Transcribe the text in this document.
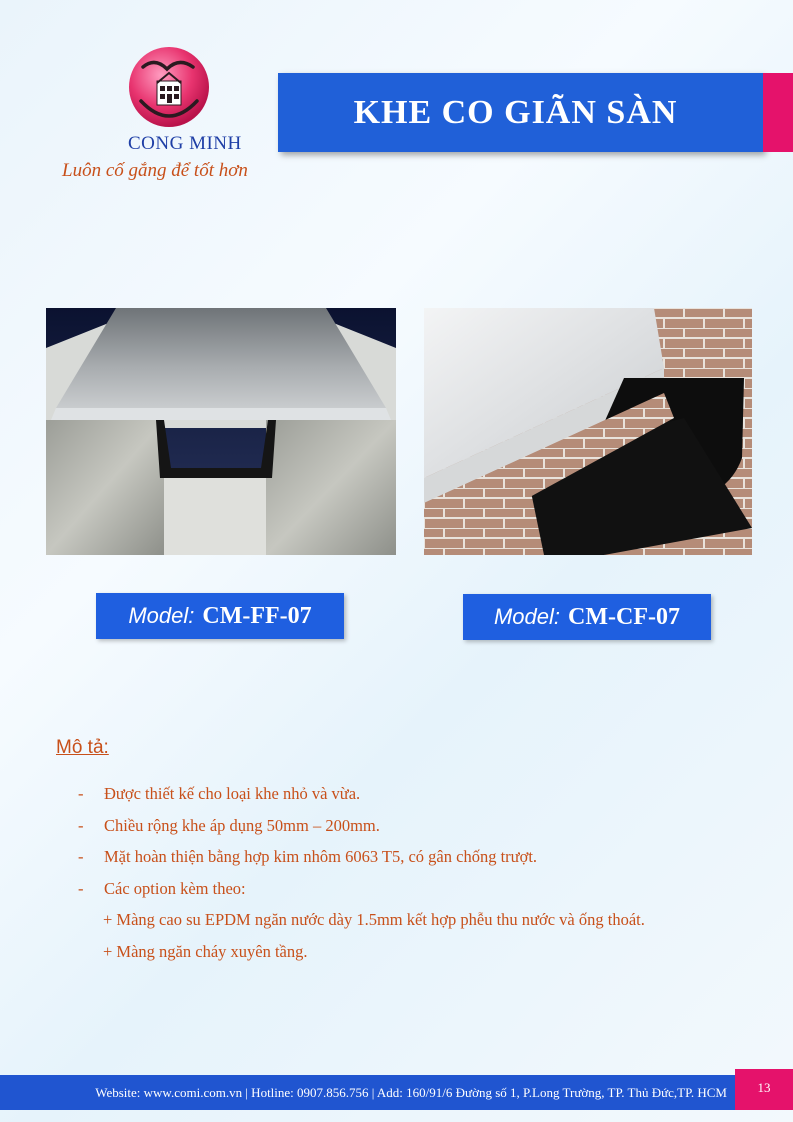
CONG MINH
Luôn cố gắng để tốt hơn
KHE CO GIÃN SÀN
Model: CM-FF-07	Model: CM-CF-07
Mô tả:
- Được thiết kế cho loại khe nhỏ và vừa.
- Chiều rộng khe áp dụng 50mm – 200mm.
- Mặt hoàn thiện bằng hợp kim nhôm 6063 T5, có gân chống trượt.
- Các option kèm theo:
+ Màng cao su EPDM ngăn nước dày 1.5mm kết hợp phễu thu nước và ống thoát.
+ Màng ngăn cháy xuyên tầng.
Website: www.comi.com.vn | Hotline: 0907.856.756 | Add: 160/91/6 Đường số 1, P.Long Trường, TP. Thủ Đức,TP. HCM	13
